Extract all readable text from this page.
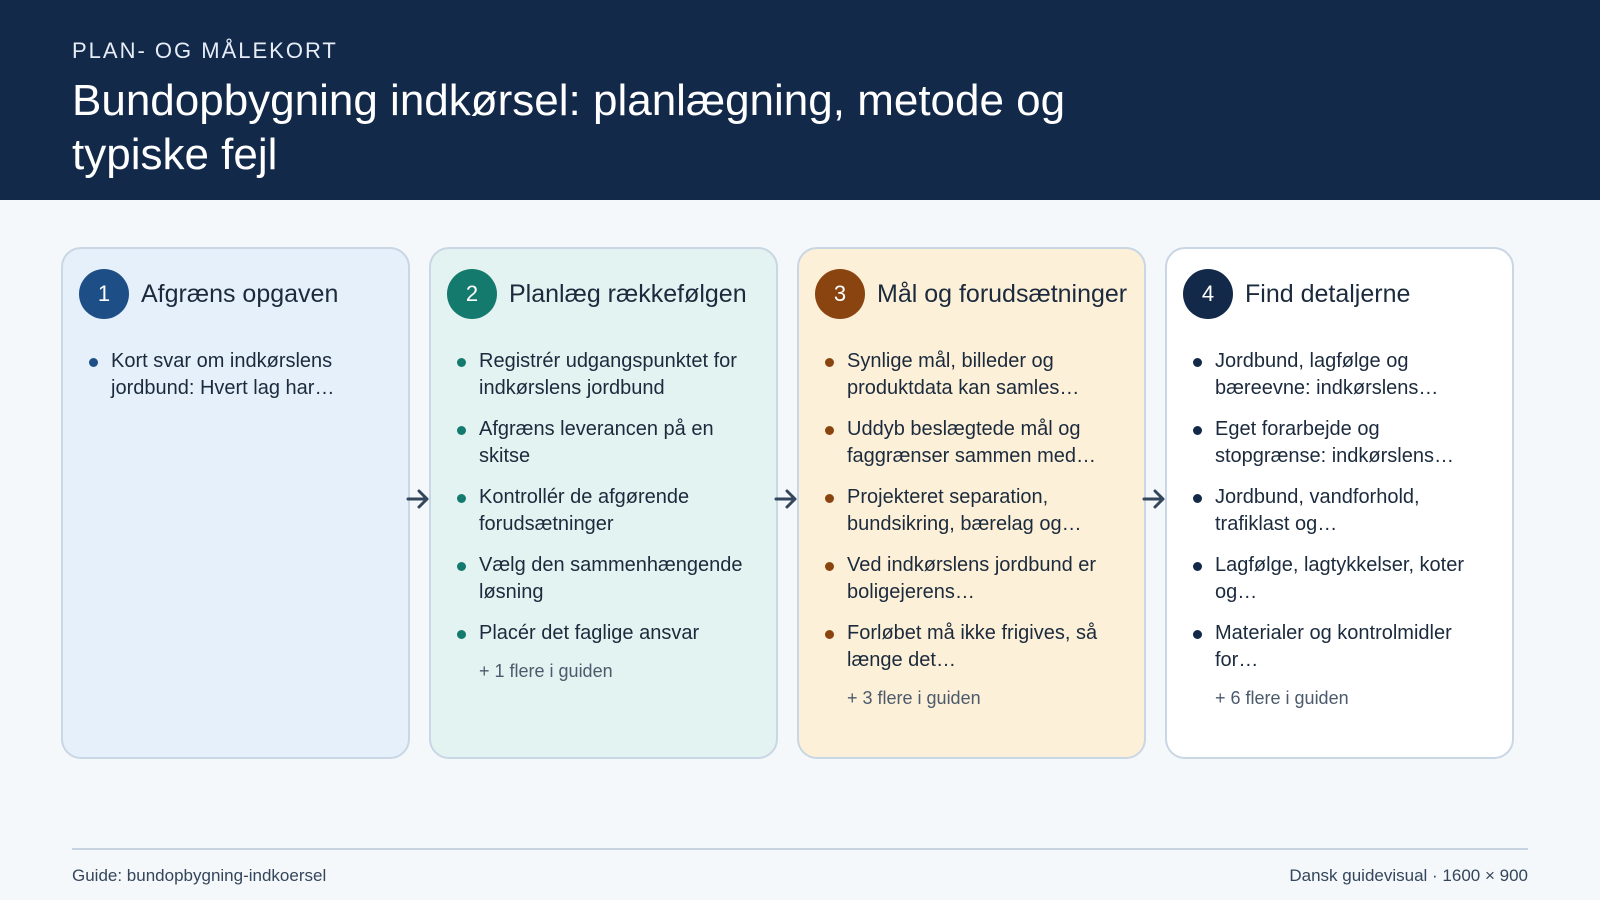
PLAN- OG MÅLEKORT
Bundopbygning indkørsel: planlægning, metode og typiske fejl
1	Afgræns opgaven
Kort svar om indkørslens jordbund: Hvert lag har…
2	Planlæg rækkefølgen
Registrér udgangspunktet for indkørslens jordbund
Afgræns leverancen på en skitse
Kontrollér de afgørende forudsætninger
Vælg den sammenhængende løsning
Placér det faglige ansvar
+ 1 flere i guiden
3	Mål og forudsætninger
Synlige mål, billeder og produktdata kan samles…
Uddyb beslægtede mål og faggrænser sammen med…
Projekteret separation, bundsikring, bærelag og…
Ved indkørslens jordbund er boligejerens…
Forløbet må ikke frigives, så længe det…
+ 3 flere i guiden
4	Find detaljerne
Jordbund, lagfølge og bæreevne: indkørslens…
Eget forarbejde og stopgrænse: indkørslens…
Jordbund, vandforhold, trafiklast og…
Lagfølge, lagtykkelser, koter og…
Materialer og kontrolmidler for…
+ 6 flere i guiden
Guide: bundopbygning-indkoersel	Dansk guidevisual · 1600 × 900
